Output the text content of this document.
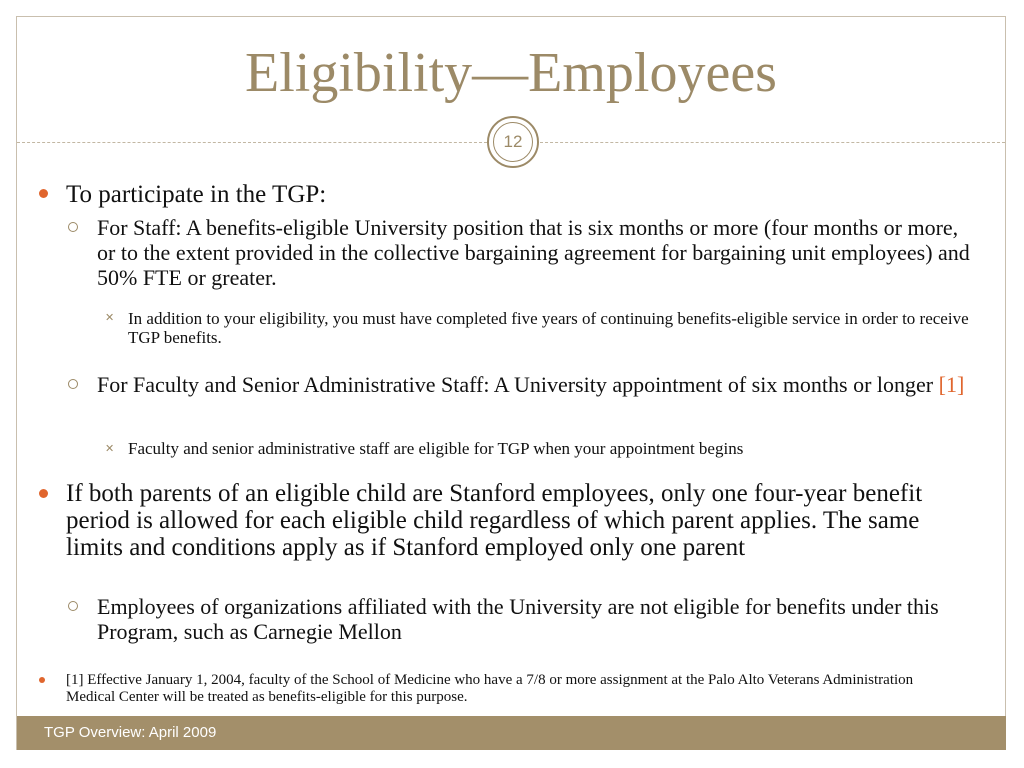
Eligibility—Employees
12
To participate in the TGP:
For Staff: A benefits-eligible University position that is six months or more (four months or more, or to the extent provided in the collective bargaining agreement for bargaining unit employees) and 50% FTE or greater.
✕ In addition to your eligibility, you must have completed five years of continuing benefits-eligible service in order to receive TGP benefits.
For Faculty and Senior Administrative Staff: A University appointment of six months or longer [1]
✕ Faculty and senior administrative staff are eligible for TGP when your appointment begins
If both parents of an eligible child are Stanford employees, only one four-year benefit period is allowed for each eligible child regardless of which parent applies. The same limits and conditions apply as if Stanford employed only one parent
Employees of organizations affiliated with the University are not eligible for benefits under this Program, such as Carnegie Mellon
[1] Effective January 1, 2004, faculty of the School of Medicine who have a 7/8 or more assignment at the Palo Alto Veterans Administration Medical Center will be treated as benefits-eligible for this purpose.
TGP Overview: April 2009
